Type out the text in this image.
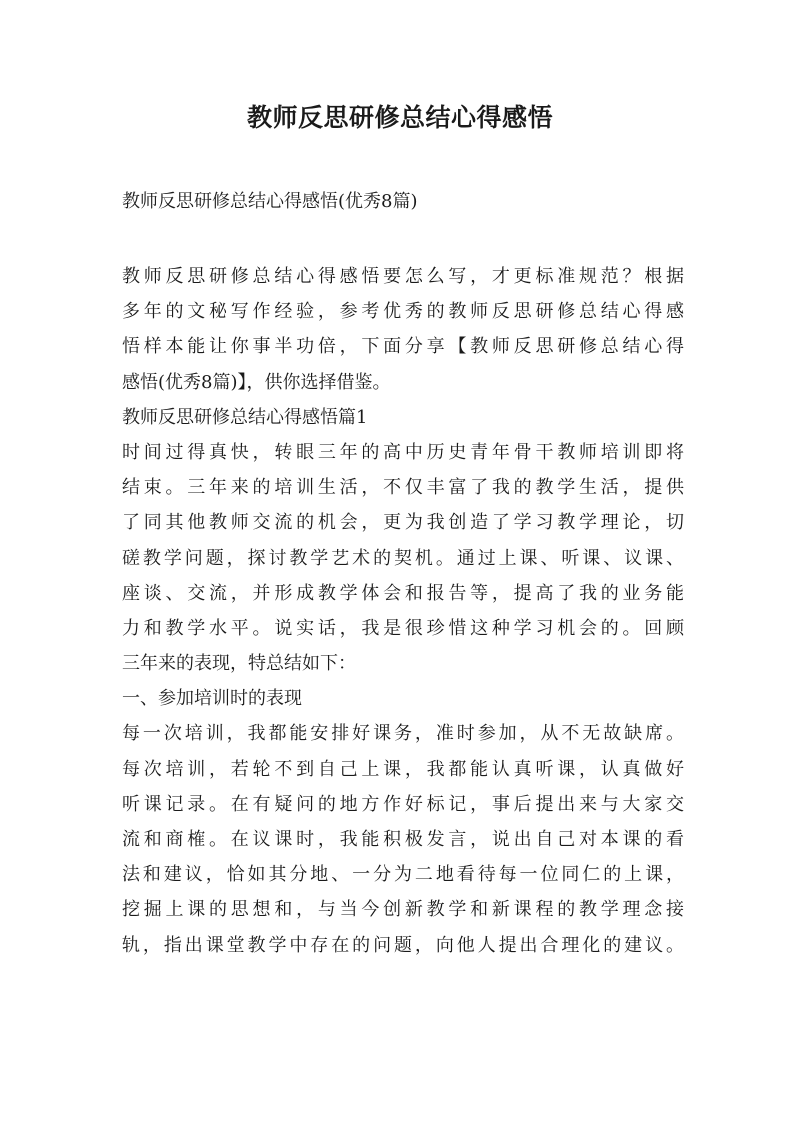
教师反思研修总结心得感悟
教师反思研修总结心得感悟(优秀8篇)
教师反思研修总结心得感悟要怎么写，才更标准规范？根据
多年的文秘写作经验，参考优秀的教师反思研修总结心得感
悟样本能让你事半功倍，下面分享【教师反思研修总结心得
感悟(优秀8篇)】，供你选择借鉴。
教师反思研修总结心得感悟篇1
时间过得真快，转眼三年的高中历史青年骨干教师培训即将
结束。三年来的培训生活，不仅丰富了我的教学生活，提供
了同其他教师交流的机会，更为我创造了学习教学理论，切
磋教学问题，探讨教学艺术的契机。通过上课、听课、议课、
座谈、交流，并形成教学体会和报告等，提高了我的业务能
力和教学水平。说实话，我是很珍惜这种学习机会的。回顾
三年来的表现，特总结如下：
一、参加培训时的表现
每一次培训，我都能安排好课务，准时参加，从不无故缺席。
每次培训，若轮不到自己上课，我都能认真听课，认真做好
听课记录。在有疑问的地方作好标记，事后提出来与大家交
流和商榷。在议课时，我能积极发言，说出自己对本课的看
法和建议，恰如其分地、一分为二地看待每一位同仁的上课，
挖掘上课的思想和，与当今创新教学和新课程的教学理念接
轨，指出课堂教学中存在的问题，向他人提出合理化的建议。
